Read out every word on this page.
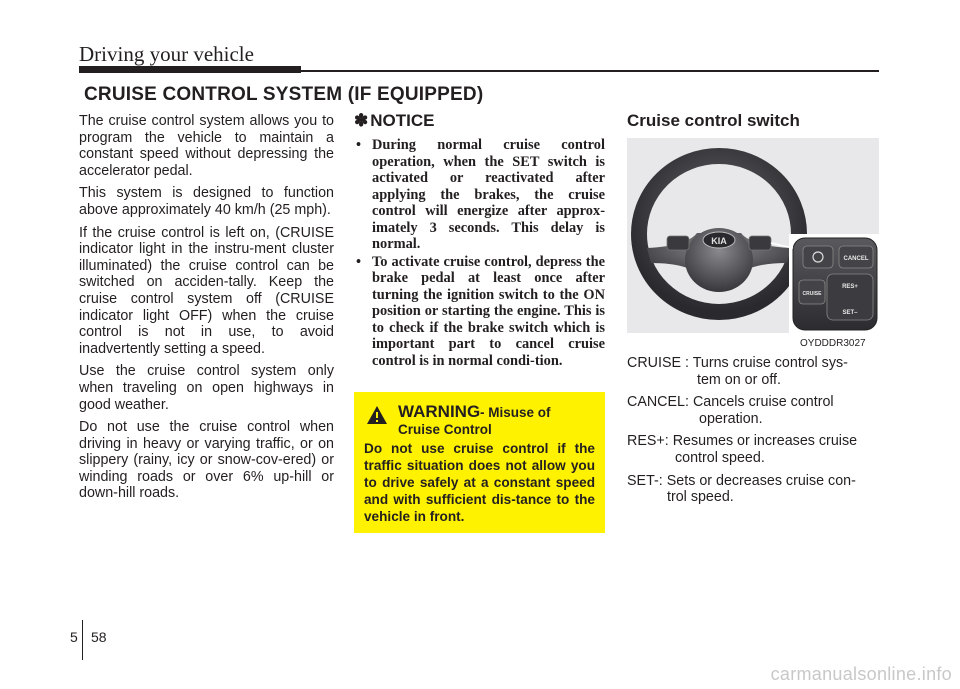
Driving your vehicle
CRUISE CONTROL SYSTEM (IF EQUIPPED)

The cruise control system allows you to program the vehicle to maintain a constant speed without depressing the accelerator pedal.

This system is designed to function above approximately 40 km/h (25 mph).

If the cruise control is left on, (CRUISE indicator light in the instru-ment cluster illuminated) the cruise control can be switched on acciden-tally. Keep the cruise control system off (CRUISE indicator light OFF) when the cruise control is not in use, to avoid inadvertently setting a speed.

Use the cruise control system only when traveling on open highways in good weather.

Do not use the cruise control when driving in heavy or varying traffic, or on slippery (rainy, icy or snow-cov-ered) or winding roads or over 6% up-hill or down-hill roads.

✽ NOTICE
• During normal cruise control operation, when the SET switch is activated or reactivated after applying the brakes, the cruise control will energize after approx-imately 3 seconds. This delay is normal.
• To activate cruise control, depress the brake pedal at least once after turning the ignition switch to the ON position or starting the engine. This is to check if the brake switch which is important part to cancel cruise control is in normal condi-tion.
WARNING - Misuse of
Cruise Control
Do not use cruise control if the traffic situation does not allow you to drive safely at a constant speed and with sufficient dis-tance to the vehicle in front.
Cruise control switch
KIA
CANCEL
RES+
SET–
CRUISE
OYDDDR3027
CRUISE : Turns cruise control sys-
tem on or off.
CANCEL: Cancels cruise control
operation.
RES+: Resumes or increases cruise
control speed.
SET-: Sets or decreases cruise con-
trol speed.
5 58
carmanualsonline.info
